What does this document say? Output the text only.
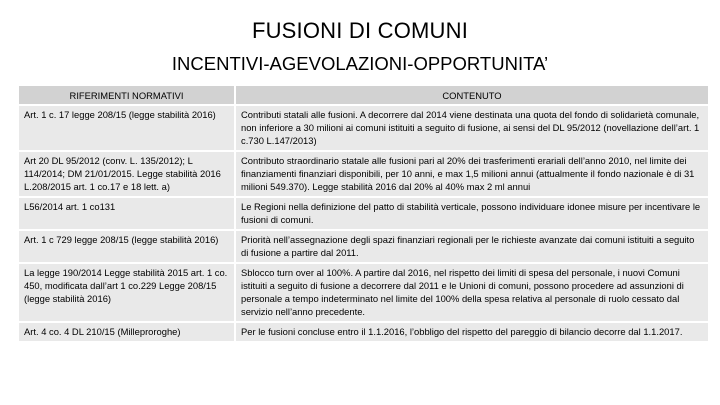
FUSIONI DI COMUNI
INCENTIVI-AGEVOLAZIONI-OPPORTUNITA’
RIFERIMENTI NORMATIVI	CONTENUTO
Art. 1 c. 17 legge 208/15 (legge stabilità 2016)	Contributi statali alle fusioni. A decorrere dal 2014 viene destinata una quota del fondo di solidarietà comunale, non inferiore a 30 milioni ai comuni istituiti a seguito di fusione, ai sensi del DL 95/2012 (novellazione dell’art. 1 c.730 L.147/2013)
Art 20 DL 95/2012 (conv. L. 135/2012); L 114/2014; DM 21/01/2015. Legge stabilità 2016 L.208/2015 art. 1 co.17 e 18 lett. a)	Contributo straordinario statale alle fusioni pari al 20% dei trasferimenti erariali dell’anno 2010, nel limite dei finanziamenti finanziari disponibili, per 10 anni, e max 1,5 milioni annui (attualmente il fondo nazionale è di 31 milioni 549.370). Legge stabilità 2016 dal 20% al 40% max 2 ml annui
L56/2014 art. 1 co131	Le Regioni nella definizione del patto di stabilità verticale, possono individuare idonee misure per incentivare le fusioni di comuni.
Art. 1 c 729 legge 208/15 (legge stabilità 2016)	Priorità nell’assegnazione degli spazi finanziari regionali per le richieste avanzate dai comuni istituiti a seguito di fusione a partire dal 2011.
La legge 190/2014 Legge stabilità 2015 art. 1 co. 450, modificata dall’art 1 co.229 Legge 208/15 (legge stabilità 2016)	Sblocco turn over al 100%. A partire dal 2016, nel rispetto dei limiti di spesa del personale, i nuovi Comuni istituiti a seguito di fusione a decorrere dal 2011 e le Unioni di comuni, possono procedere ad assunzioni di personale a tempo indeterminato nel limite del 100% della spesa relativa al personale di ruolo cessato dal servizio nell’anno precedente.
Art. 4 co. 4 DL 210/15 (Milleproroghe)	Per le fusioni concluse entro il 1.1.2016, l’obbligo del rispetto del pareggio di bilancio decorre dal 1.1.2017.
